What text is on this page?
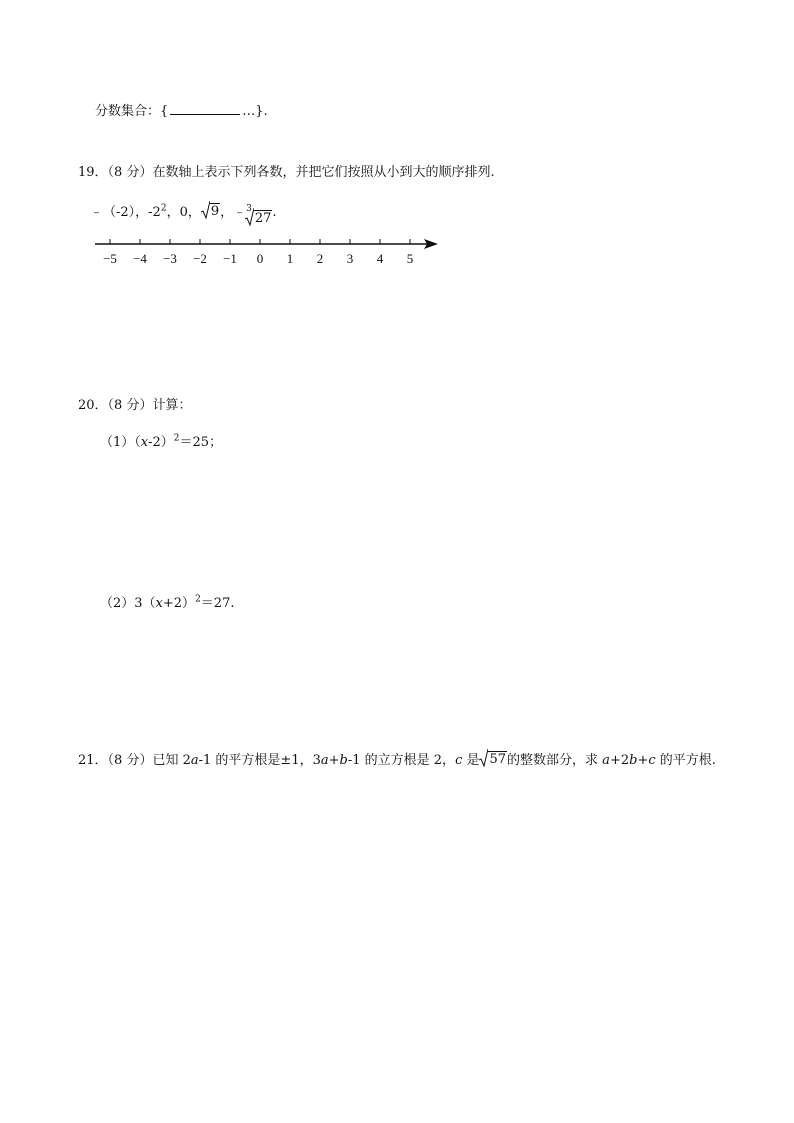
分数集合：{	…}.
19．（8 分）在数轴上表示下列各数，并把它们按照从小到大的顺序排列.
﹣（-2），$-2^2$，0， 9 ，﹣ 3
27 .
−5 −4 −3 −2 −1 0 1 2 3 4 5
20．（8 分）计算：
$(1)(x-2)^2=25$；
$(2)3(x+2)^2=27$.
21．（8 分）已知 2a-1 的平方根是±1，3a+b-1 的立方根是 2，c 是 57 的整数部分，求 a+2b+c 的平方根.
